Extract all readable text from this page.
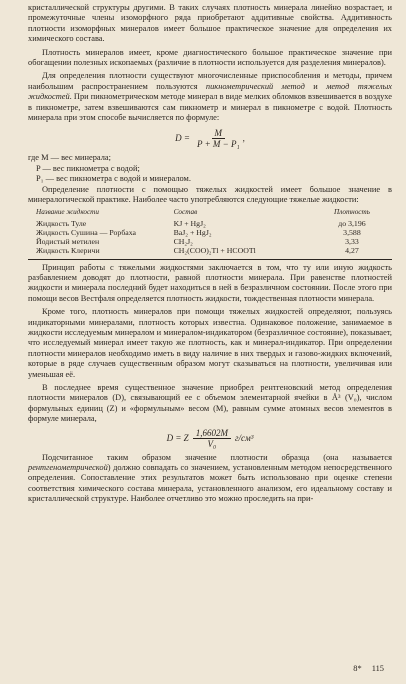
кристаллической структуры другими. В таких случаях плотность минерала линейно возрастает, и промежуточные члены изоморфного ряда приобретают аддитивные свойства. Аддитивность плотности изоморфных минералов имеет большое практическое значение для определения их химического состава.

Плотность минералов имеет, кроме диагностического большое практическое значение при обогащении полезных ископаемых (различие в плотности используется для разделения минералов).

Для определения плотности существуют многочисленные приспособления и методы, причем наибольшим распространением пользуются пикнометрический метод и метод тяжелых жидкостей. При пикнометрическом методе минерал в виде мелких обломков взвешивается в воздухе в пикнометре, затем взвешиваются сам пикнометр и минерал в пикнометре с водой. Плотность минерала при этом способе вычисляется по формуле:

$D = \frac{M}{\text{P + M − P₁}}$ ,
где M — вес минерала;
P — вес пикнометра с водой;
P₁ — вес пикнометра с водой и минералом.

Определение плотности с помощью тяжелых жидкостей имеет большое значение в минералогической практике. Наиболее часто употребляются следующие тяжелые жидкости:

Название жидкости	Состав	Плотность
Жидкость Туле	KJ + HgJ₂	до 3,196
Жидкость Сушина — Рорбаха	BaJ₂ + HgJ₂	3,588
Йодистый метилен	CH₂J₂	3,33
Жидкость Клеричи	CH₂(COO)₂Tl + HCOOTl	4,27

Принцип работы с тяжелыми жидкостями заключается в том, что ту или иную жидкость разбавлением доводят до плотности, равной плотности минерала. При равенстве плотностей жидкости и минерала последний будет находиться в ней в безразличном состоянии. После этого при помощи весов Вестфаля определяется плотность жидкости, тождественная плотности минерала.

Кроме того, плотность минералов при помощи тяжелых жидкостей определяют, пользуясь индикаторными минералами, плотность которых известна. Одинаковое положение, занимаемое в жидкости исследуемым минералом и минералом-индикатором (безразличное состояние), показывает, что исследуемый минерал имеет такую же плотность, как и минерал-индикатор. При определении плотности минералов необходимо иметь в виду наличие в них твердых и газово-жидких включений, которые в ряде случаев существенным образом могут сказываться на плотности, увеличивая или уменьшая её.

В последнее время существенное значение приобрел рентгеновский метод определения плотности минералов (D), связывающий ее с объемом элементарной ячейки в Å³ (V₀), числом формульных единиц (Z) и «формульным» весом (M), равным сумме атомных весов элементов в формуле минерала,

D = Z $\frac{1,6602M}{\text{V₀}} г/см^3$

Подсчитанное таким образом значение плотности образца (она называется рентгенометрической) должно совпадать со значением, установленным методом непосредственного определения. Сопоставление этих результатов может быть использовано при оценке степени соответствия химического состава минерала, установленного анализом, его идеальному составу и кристаллической структуре. Наиболее отчетливо это можно проследить на при-

8* 115
